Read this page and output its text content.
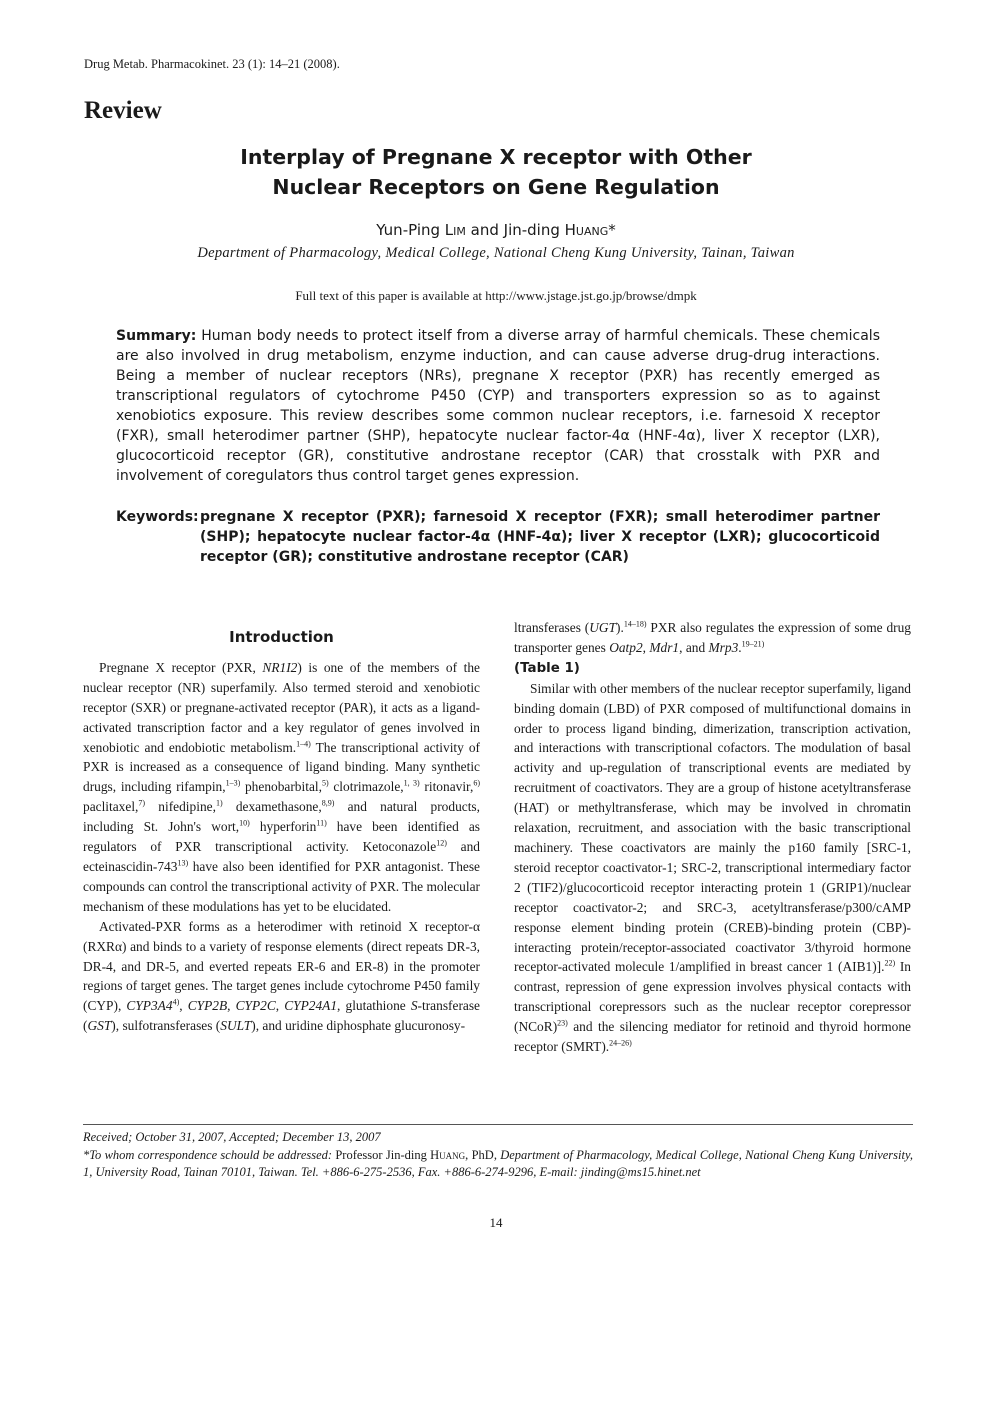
Drug Metab. Pharmacokinet. 23 (1): 14–21 (2008).
Review
Interplay of Pregnane X receptor with Other
Nuclear Receptors on Gene Regulation
Yun-Ping Lim and Jin-ding Huang*
Department of Pharmacology, Medical College, National Cheng Kung University, Tainan, Taiwan
Full text of this paper is available at http://www.jstage.jst.go.jp/browse/dmpk
Summary: Human body needs to protect itself from a diverse array of harmful chemicals. These chemicals are also involved in drug metabolism, enzyme induction, and can cause adverse drug-drug interactions. Being a member of nuclear receptors (NRs), pregnane X receptor (PXR) has recently emerged as transcriptional regulators of cytochrome P450 (CYP) and transporters expression so as to against xenobiotics exposure. This review describes some common nuclear receptors, i.e. farnesoid X receptor (FXR), small heterodimer partner (SHP), hepatocyte nuclear factor-4α (HNF-4α), liver X receptor (LXR), glucocorticoid receptor (GR), constitutive androstane receptor (CAR) that crosstalk with PXR and involvement of coregulators thus control target genes expression.
Keywords: pregnane X receptor (PXR); farnesoid X receptor (FXR); small heterodimer partner (SHP); hepatocyte nuclear factor-4α (HNF-4α); liver X receptor (LXR); glucocorticoid receptor (GR); constitutive androstane receptor (CAR)
Introduction

Pregnane X receptor (PXR, NR1I2) is one of the members of the nuclear receptor (NR) superfamily. Also termed steroid and xenobiotic receptor (SXR) or pregnane-activated receptor (PAR), it acts as a ligand-activated transcription factor and a key regulator of genes involved in xenobiotic and endobiotic metabolism.$^{1-4)}$ The transcriptional activity of PXR is increased as a consequence of ligand binding. Many synthetic drugs, including rifampin,$^{1-3)}$ phenobarbital,$^{5)}$ clotrimazole,$^{1, 3)}$ ritonavir,$^{6)}$ paclitaxel,$^{7)}$ nifedipine,$^{1)}$ dexamethasone,$^{8,9)}$ and natural products, including St. John's wort,$^{10)}$ hyperforin$^{11)}$ have been identified as regulators of PXR transcriptional activity. Ketoconazole$^{12)}$ and ecteinascidin-743$^{13)}$ have also been identified for PXR antagonist. These compounds can control the transcriptional activity of PXR. The molecular mechanism of these modulations has yet to be elucidated.

Activated-PXR forms as a heterodimer with retinoid X receptor-α (RXRα) and binds to a variety of response elements (direct repeats DR-3, DR-4, and DR-5, and everted repeats ER-6 and ER-8) in the promoter regions of target genes. The target genes include cytochrome P450 family (CYP), CYP3A4$^{4)}$, CYP2B, CYP2C, CYP24A1, glutathione S-transferase (GST), sulfotransferases (SULT), and uridine diphosphate glucuronosy-

ltransferases (UGT).$^{14-18)}$ PXR also regulates the expression of some drug transporter genes Oatp2, Mdr1, and Mrp3.$^{19-21)}$
(Table 1)

Similar with other members of the nuclear receptor superfamily, ligand binding domain (LBD) of PXR composed of multifunctional domains in order to process ligand binding, dimerization, transcription activation, and interactions with transcriptional cofactors. The modulation of basal activity and up-regulation of transcriptional events are mediated by recruitment of coactivators. They are a group of histone acetyltransferase (HAT) or methyltransferase, which may be involved in chromatin relaxation, recruitment, and association with the basic transcriptional machinery. These coactivators are mainly the p160 family [SRC-1, steroid receptor coactivator-1; SRC-2, transcriptional intermediary factor 2 (TIF2)/glucocorticoid receptor interacting protein 1 (GRIP1)/nuclear receptor coactivator-2; and SRC-3, acetyltransferase/p300/cAMP response element binding protein (CREB)-binding protein (CBP)-interacting protein/receptor-associated coactivator 3/thyroid hormone receptor-activated molecule 1/amplified in breast cancer 1 (AIB1)].$^{22)}$ In contrast, repression of gene expression involves physical contacts with transcriptional corepressors such as the nuclear receptor corepressor (NCoR)$^{23)}$ and the silencing mediator for retinoid and thyroid hormone receptor (SMRT).$^{24-26)}$

Received; October 31, 2007, Accepted; December 13, 2007
*To whom correspondence schould be addressed: Professor Jin-ding Huang, PhD, Department of Pharmacology, Medical College, National Cheng Kung University, 1, University Road, Tainan 70101, Taiwan. Tel. +886-6-275-2536, Fax. +886-6-274-9296, E-mail: jinding@ms15.hinet.net
14
